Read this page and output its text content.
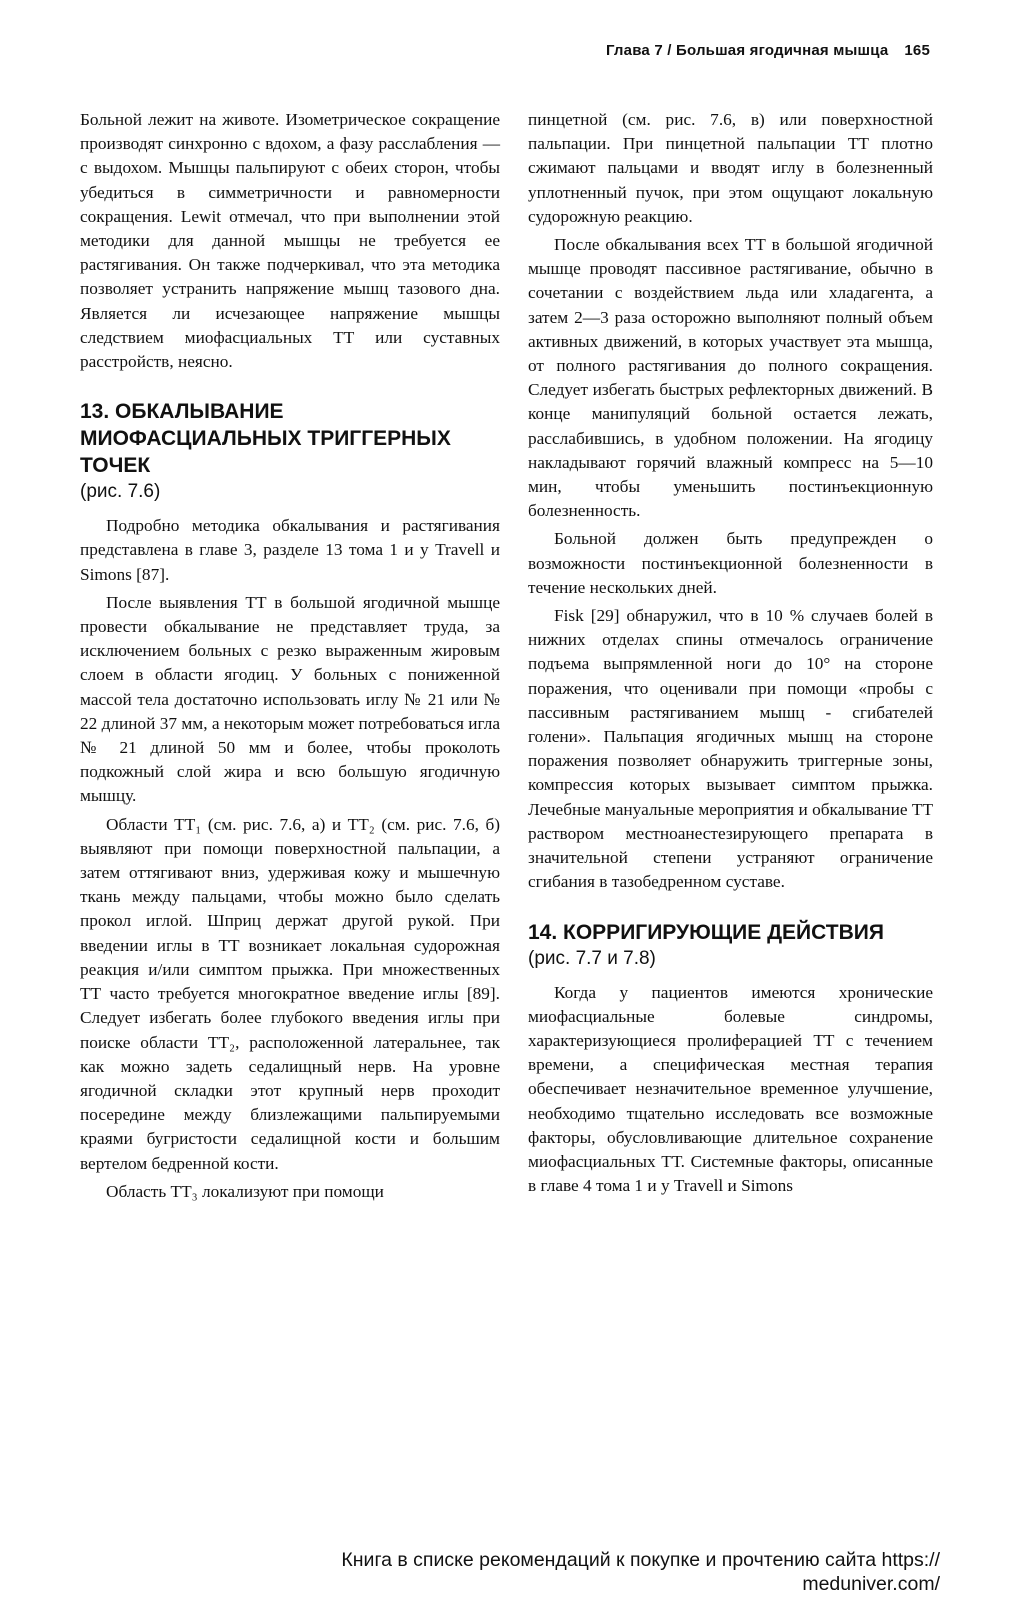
Глава 7 / Большая ягодичная мышца 165

Больной лежит на животе. Изометрическое сокращение производят синхронно с вдохом, а фазу расслабления — с выдохом. Мышцы пальпируют с обеих сторон, чтобы убедиться в симметричности и равномерности сокращения. Lewit отмечал, что при выполнении этой методики для данной мышцы не требуется ее растягивания. Он также подчеркивал, что эта методика позволяет устранить напряжение мышц тазового дна. Является ли исчезающее напряжение мышцы следствием миофасциальных ТТ или суставных расстройств, неясно.

13. ОБКАЛЫВАНИЕ МИОФАСЦИАЛЬНЫХ ТРИГГЕРНЫХ ТОЧЕК
(рис. 7.6)

Подробно методика обкалывания и растягивания представлена в главе 3, разделе 13 тома 1 и у Travell и Simons [87].

После выявления ТТ в большой ягодичной мышце провести обкалывание не представляет труда, за исключением больных с резко выраженным жировым слоем в области ягодиц. У больных с пониженной массой тела достаточно использовать иглу № 21 или № 22 длиной 37 мм, а некоторым может потребоваться игла № 21 длиной 50 мм и более, чтобы проколоть подкожный слой жира и всю большую ягодичную мышцу.

Области ТТ₁ (см. рис. 7.6, а) и ТТ₂ (см. рис. 7.6, б) выявляют при помощи поверхностной пальпации, а затем оттягивают вниз, удерживая кожу и мышечную ткань между пальцами, чтобы можно было сделать прокол иглой. Шприц держат другой рукой. При введении иглы в ТТ возникает локальная судорожная реакция и/или симптом прыжка. При множественных ТТ часто требуется многократное введение иглы [89]. Следует избегать более глубокого введения иглы при поиске области ТТ₂, расположенной латеральнее, так как можно задеть седалищный нерв. На уровне ягодичной складки этот крупный нерв проходит посередине между близлежащими пальпируемыми краями бугристости седалищной кости и большим вертелом бедренной кости.

Область ТТ₃ локализуют при помощи

пинцетной (см. рис. 7.6, в) или поверхностной пальпации. При пинцетной пальпации ТТ плотно сжимают пальцами и вводят иглу в болезненный уплотненный пучок, при этом ощущают локальную судорожную реакцию.

После обкалывания всех ТТ в большой ягодичной мышце проводят пассивное растягивание, обычно в сочетании с воздействием льда или хладагента, а затем 2—3 раза осторожно выполняют полный объем активных движений, в которых участвует эта мышца, от полного растягивания до полного сокращения. Следует избегать быстрых рефлекторных движений. В конце манипуляций больной остается лежать, расслабившись, в удобном положении. На ягодицу накладывают горячий влажный компресс на 5—10 мин, чтобы уменьшить постинъекционную болезненность.

Больной должен быть предупрежден о возможности постинъекционной болезненности в течение нескольких дней.

Fisk [29] обнаружил, что в 10 % случаев болей в нижних отделах спины отмечалось ограничение подъема выпрямленной ноги до 10° на стороне поражения, что оценивали при помощи «пробы с пассивным растягиванием мышц - сгибателей голени». Пальпация ягодичных мышц на стороне поражения позволяет обнаружить триггерные зоны, компрессия которых вызывает симптом прыжка. Лечебные мануальные мероприятия и обкалывание ТТ раствором местноанестезирующего препарата в значительной степени устраняют ограничение сгибания в тазобедренном суставе.

14. КОРРИГИРУЮЩИЕ ДЕЙСТВИЯ
(рис. 7.7 и 7.8)

Когда у пациентов имеются хронические миофасциальные болевые синдромы, характеризующиеся пролиферацией ТТ с течением времени, а специфическая местная терапия обеспечивает незначительное временное улучшение, необходимо тщательно исследовать все возможные факторы, обусловливающие длительное сохранение миофасциальных ТТ. Системные факторы, описанные в главе 4 тома 1 и у Travell и Simons

Книга в списке рекомендаций к покупке и прочтению сайта https://
meduniver.com/
